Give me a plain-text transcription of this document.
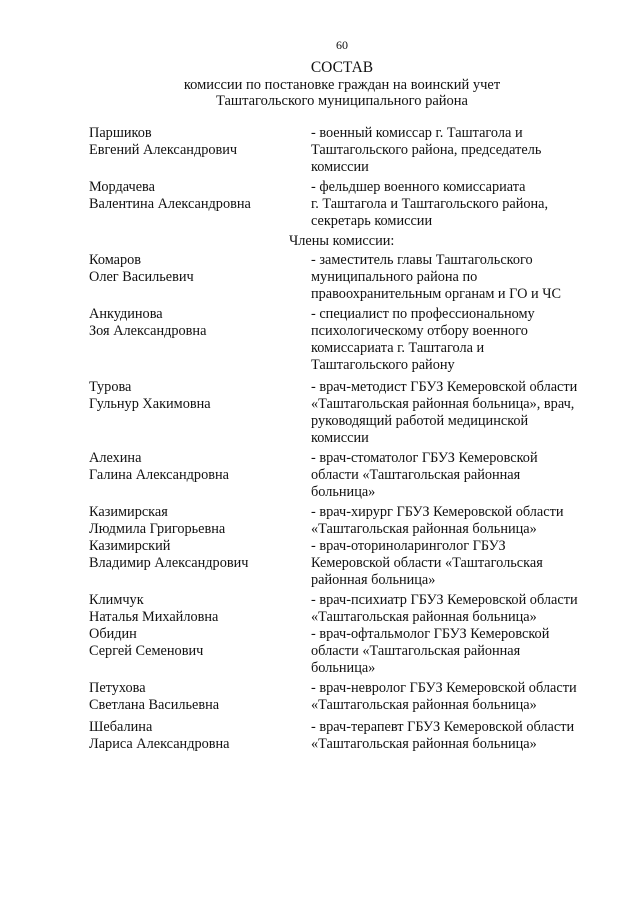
60
СОСТАВ
комиссии по постановке граждан на воинский учет
Таштагольского муниципального района
Паршиков
Евгений Александрович
- военный комиссар г. Таштагола и
Таштагольского района, председатель
комиссии
Мордачева
Валентина Александровна
- фельдшер военного комиссариата
г. Таштагола и Таштагольского района,
секретарь комиссии
Члены комиссии:
Комаров
Олег Васильевич
- заместитель главы Таштагольского
муниципального района по
правоохранительным органам и ГО и ЧС
Анкудинова
Зоя Александровна
- специалист по профессиональному
психологическому отбору военного
комиссариата г. Таштагола и
Таштагольского району
Турова
Гульнур Хакимовна
- врач-методист ГБУЗ Кемеровской области
«Таштагольская районная больница», врач,
руководящий работой медицинской
комиссии
Алехина
Галина Александровна
- врач-стоматолог ГБУЗ Кемеровской
области «Таштагольская районная
больница»
Казимирская
Людмила Григорьевна
- врач-хирург ГБУЗ Кемеровской области
«Таштагольская районная больница»
Казимирский
Владимир Александрович
- врач-оториноларинголог ГБУЗ
Кемеровской области «Таштагольская
районная больница»
Климчук
Наталья Михайловна
- врач-психиатр ГБУЗ Кемеровской области
«Таштагольская районная больница»
Обидин
Сергей Семенович
- врач-офтальмолог ГБУЗ Кемеровской
области «Таштагольская районная
больница»
Петухова
Светлана Васильевна
- врач-невролог ГБУЗ Кемеровской области
«Таштагольская районная больница»
Шебалина
Лариса Александровна
- врач-терапевт ГБУЗ Кемеровской области
«Таштагольская районная больница»
